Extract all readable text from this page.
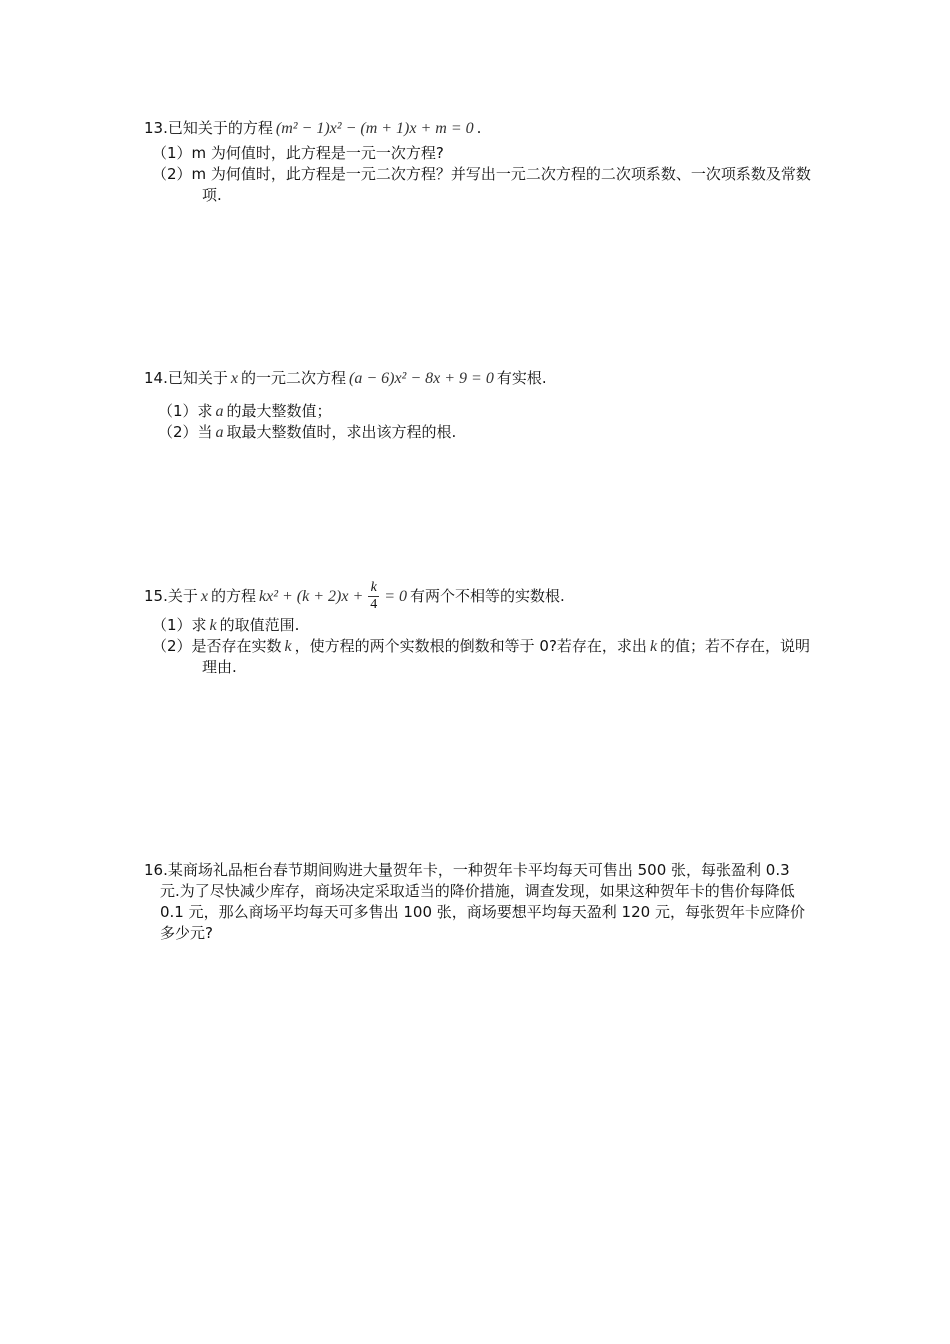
13.已知关于的方程 (m² − 1)x² − (m + 1)x + m = 0 .
（1）m 为何值时，此方程是一元一次方程?
（2）m 为何值时，此方程是一元二次方程？并写出一元二次方程的二次项系数、一次项系数及常数项.
14.已知关于 x 的一元二次方程 (a − 6)x² − 8x + 9 = 0 有实根.
（1）求 a 的最大整数值；
（2）当 a 取最大整数值时，求出该方程的根.
15.关于 x 的方程 $kx^2 + (k + 2)x + \frac{k}{4} = 0$ 有两个不相等的实数根.
（1）求 k 的取值范围.
（2）是否存在实数 k ，使方程的两个实数根的倒数和等于 0?若存在，求出 k 的值；若不存在，说明理由.
16.某商场礼品柜台春节期间购进大量贺年卡，一种贺年卡平均每天可售出 500 张，每张盈利 0.3 元.为了尽快减少库存，商场决定采取适当的降价措施，调查发现，如果这种贺年卡的售价每降低 0.1 元，那么商场平均每天可多售出 100 张，商场要想平均每天盈利 120 元，每张贺年卡应降价多少元?
